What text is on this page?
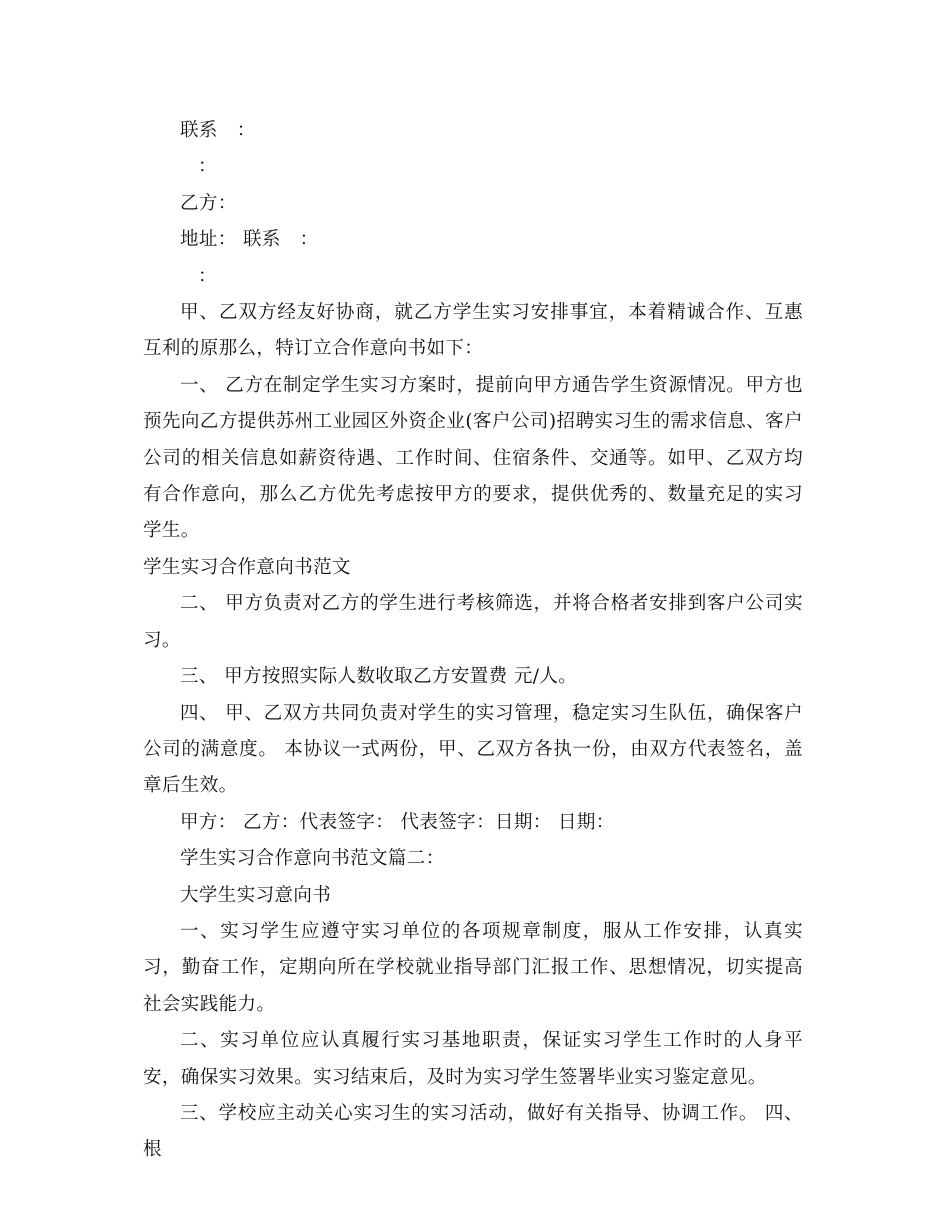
联系　：

：

乙方：

地址： 联系　：

：

甲、乙双方经友好协商，就乙方学生实习安排事宜，本着精诚合作、互惠互利的原那么，特订立合作意向书如下：

一、 乙方在制定学生实习方案时，提前向甲方通告学生资源情况。甲方也预先向乙方提供苏州工业园区外资企业(客户公司)招聘实习生的需求信息、客户公司的相关信息如薪资待遇、工作时间、住宿条件、交通等。如甲、乙双方均有合作意向，那么乙方优先考虑按甲方的要求，提供优秀的、数量充足的实习学生。

学生实习合作意向书范文

二、 甲方负责对乙方的学生进行考核筛选，并将合格者安排到客户公司实习。

三、 甲方按照实际人数收取乙方安置费 元/人。

四、 甲、乙双方共同负责对学生的实习管理，稳定实习生队伍，确保客户公司的满意度。 本协议一式两份，甲、乙双方各执一份，由双方代表签名，盖章后生效。

甲方： 乙方：代表签字： 代表签字：日期： 日期：

学生实习合作意向书范文篇二：

大学生实习意向书

一、实习学生应遵守实习单位的各项规章制度，服从工作安排，认真实习，勤奋工作，定期向所在学校就业指导部门汇报工作、思想情况，切实提高社会实践能力。

二、实习单位应认真履行实习基地职责，保证实习学生工作时的人身平安，确保实习效果。实习结束后，及时为实习学生签署毕业实习鉴定意见。

三、学校应主动关心实习生的实习活动，做好有关指导、协调工作。 四、根
